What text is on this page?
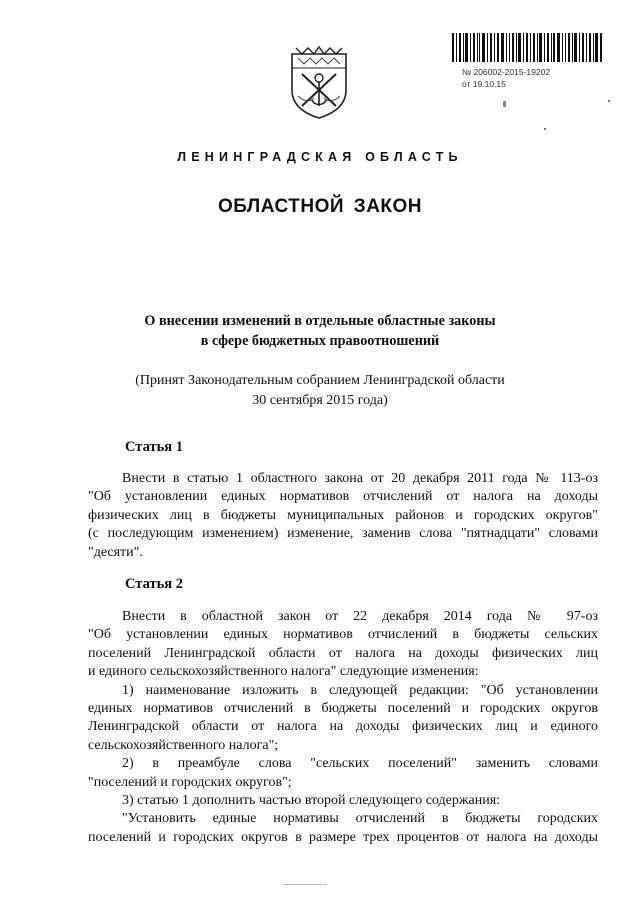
№ 206002-2015-19202
от 19.10.15
ЛЕНИНГРАДСКАЯ ОБЛАСТЬ
ОБЛАСТНОЙ ЗАКОН
О внесении изменений в отдельные областные законы
в сфере бюджетных правоотношений
(Принят Законодательным собранием Ленинградской области
30 сентября 2015 года)
Статья 1
Внести в статью 1 областного закона от 20 декабря 2011 года № 113-оз
"Об установлении единых нормативов отчислений от налога на доходы
физических лиц в бюджеты муниципальных районов и городских округов"
(с последующим изменением) изменение, заменив слова "пятнадцати" словами
"десяти".
Статья 2
Внести в областной закон от 22 декабря 2014 года № 97-оз
"Об установлении единых нормативов отчислений в бюджеты сельских
поселений Ленинградской области от налога на доходы физических лиц
и единого сельскохозяйственного налога" следующие изменения:
1) наименование изложить в следующей редакции: "Об установлении
единых нормативов отчислений в бюджеты поселений и городских округов
Ленинградской области от налога на доходы физических лиц и единого
сельскохозяйственного налога";
2) в преамбуле слова "сельских поселений" заменить словами
"поселений и городских округов";
3) статью 1 дополнить частью второй следующего содержания:
"Установить единые нормативы отчислений в бюджеты городских
поселений и городских округов в размере трех процентов от налога на доходы
